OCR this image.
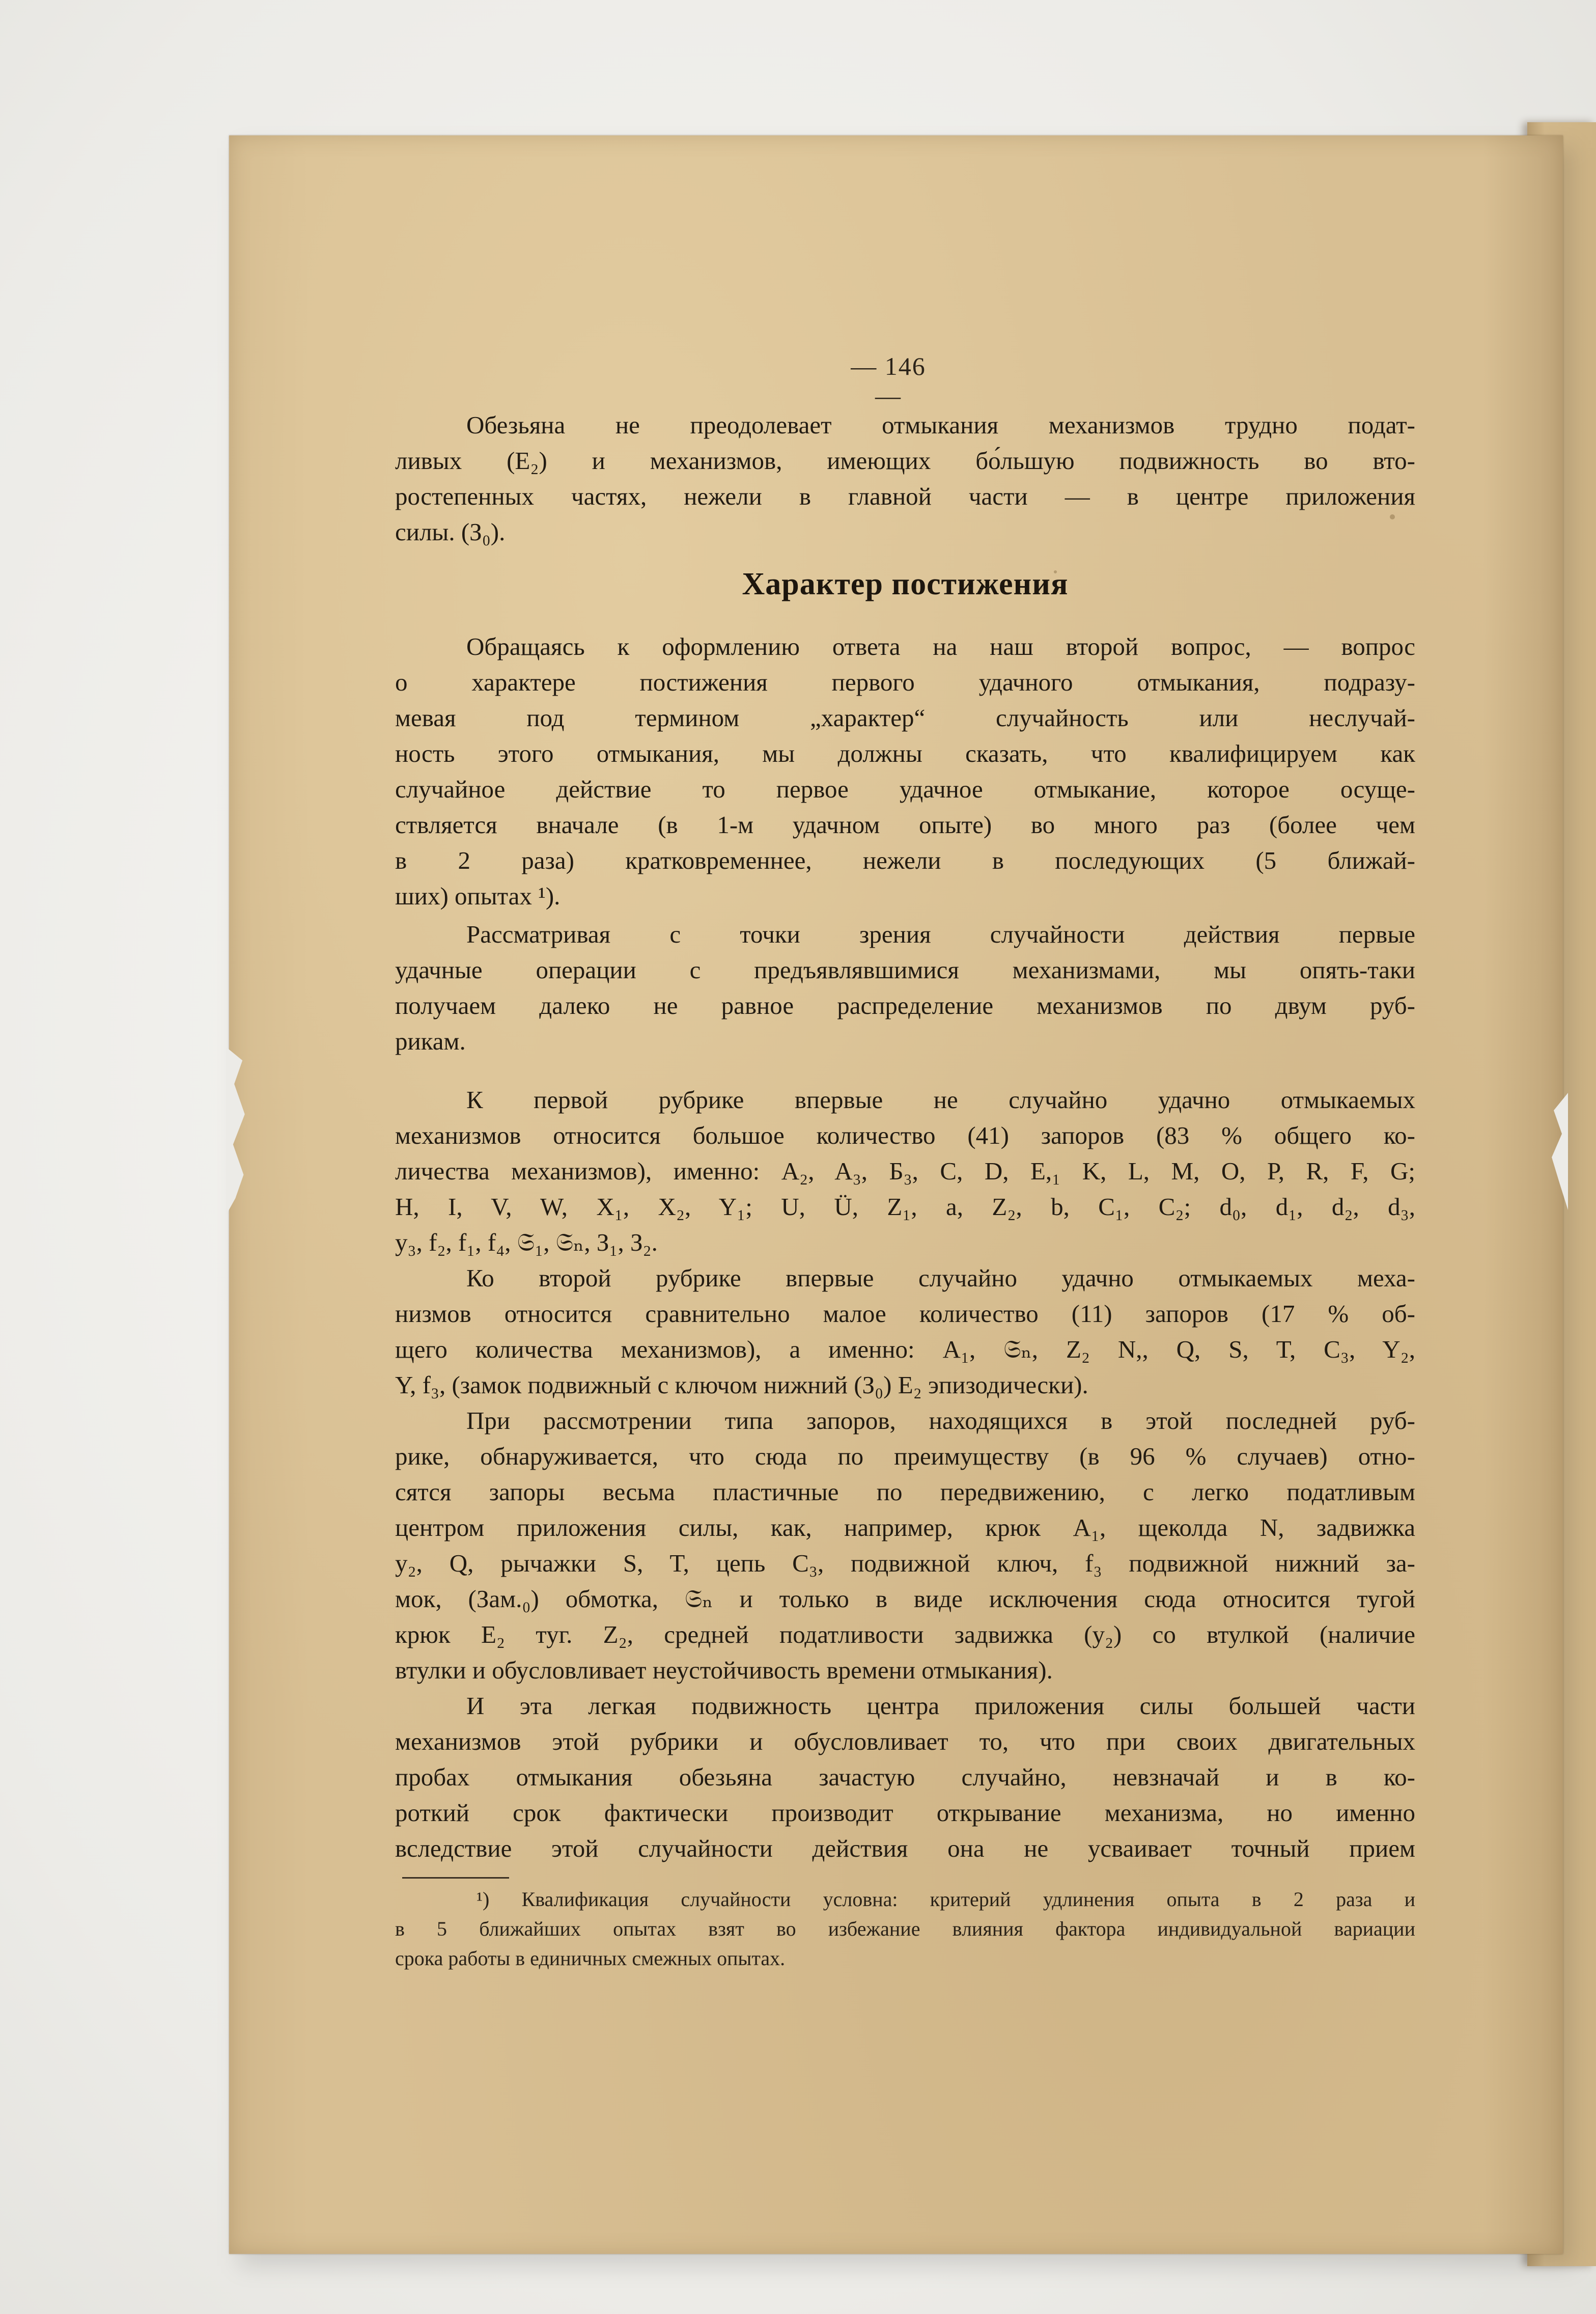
— 146 —
Обезьяна не преодолевает отмыкания механизмов трудно подат-
ливых (E₂) и механизмов, имеющих бо́льшую подвижность во вто-
ростепенных частях, нежели в главной части — в центре приложения
силы. (З₀).
Характер постижения
Обращаясь к оформлению ответа на наш второй вопрос, — вопрос
о характере постижения первого удачного отмыкания, подразу-
мевая под термином „характер“ случайность или неслучай-
ность этого отмыкания, мы должны сказать, что квалифицируем как
случайное действие то первое удачное отмыкание, которое осуще-
ствляется вначале (в 1-м удачном опыте) во много раз (более чем
в 2 раза) кратковременнее, нежели в последующих (5 ближай-
ших) опытах ¹).
Рассматривая с точки зрения случайности действия первые
удачные операции с предъявлявшимися механизмами, мы опять-таки
получаем далеко не равное распределение механизмов по двум руб-
рикам.
К первой рубрике впервые не случайно удачно отмыкаемых
механизмов относится большое количество (41) запоров (83 % общего ко-
личества механизмов), именно: A₂, A₃, Б₃, C, D, E,₁ K, L, M, O, P, R, F, G;
H, I, V, W, X₁, X₂, Y₁; U, Ü, Z₁, a, Z₂, b, C₁, C₂; d₀, d₁, d₂, d₃,
y₃, f₂, f₁, f₄, 𝔖₁, 𝔖ₙ, З₁, З₂.
Ко второй рубрике впервые случайно удачно отмыкаемых меха-
низмов относится сравнительно малое количество (11) запоров (17 % об-
щего количества механизмов), а именно: A₁, 𝔖ₙ, Z₂ N,, Q, S, T, C₃, Y₂,
Y, f₃, (замок подвижный с ключом нижний (З₀) E₂ эпизодически).
При рассмотрении типа запоров, находящихся в этой последней руб-
рике, обнаруживается, что сюда по преимуществу (в 96 % случаев) отно-
сятся запоры весьма пластичные по передвижению, с легко податливым
центром приложения силы, как, например, крюк A₁, щеколда N, задвижка
y₂, Q, рычажки S, T, цепь C₃, подвижной ключ, f₃ подвижной нижний за-
мок, (Зам.₀) обмотка, 𝔖ₙ и только в виде исключения сюда относится тугой
крюк E₂ туг. Z₂, средней податливости задвижка (y₂) со втулкой (наличие
втулки и обусловливает неустойчивость времени отмыкания).
И эта легкая подвижность центра приложения силы большей части
механизмов этой рубрики и обусловливает то, что при своих двигательных
пробах отмыкания обезьяна зачастую случайно, невзначай и в ко-
роткий срок фактически производит открывание механизма, но именно
вследствие этой случайности действия она не усваивает точный прием
¹) Квалификация случайности условна: критерий удлинения опыта в 2 раза и
в 5 ближайших опытах взят во избежание влияния фактора индивидуальной вариации
срока работы в единичных смежных опытах.
